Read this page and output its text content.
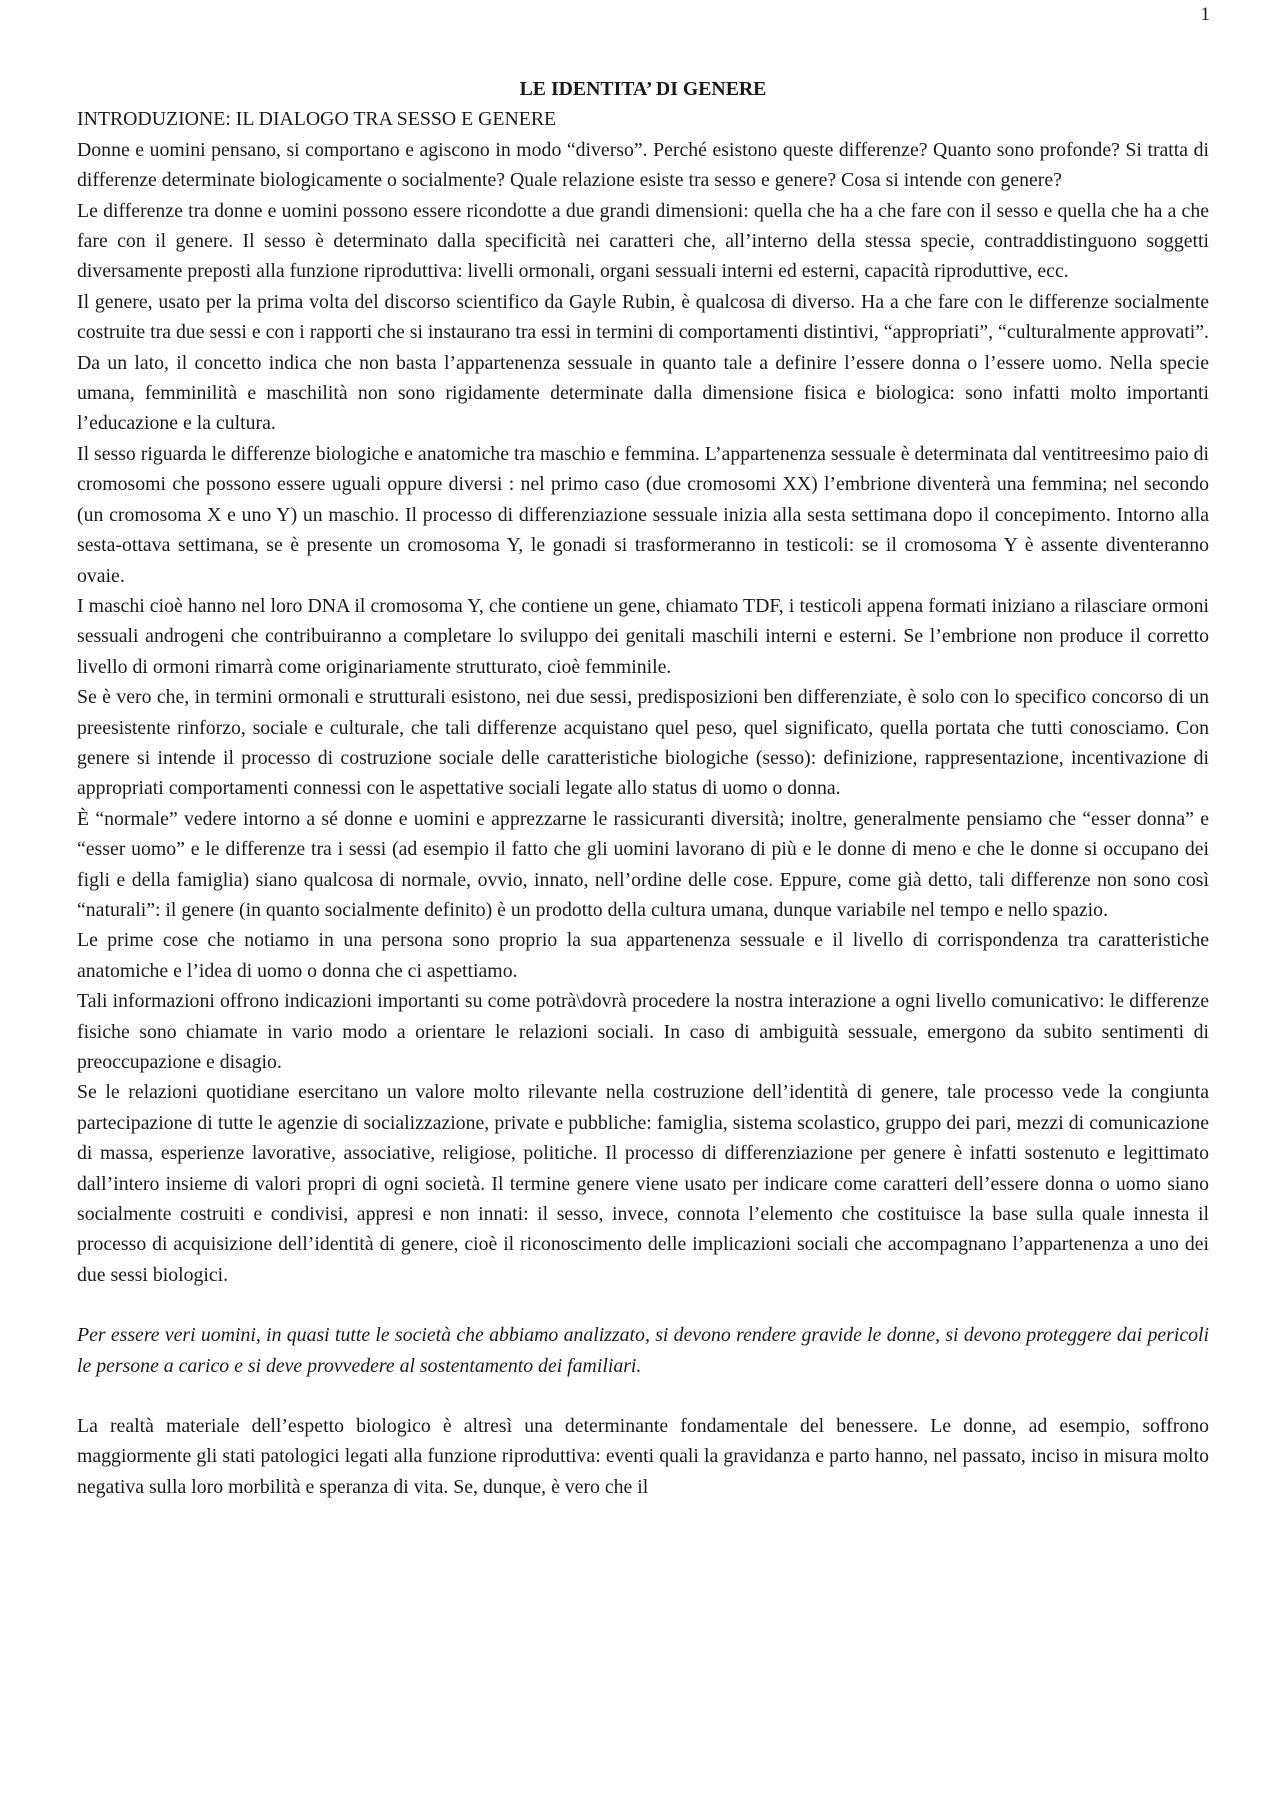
1

LE IDENTITA’ DI GENERE

INTRODUZIONE: IL DIALOGO TRA SESSO E GENERE

Donne e uomini pensano, si comportano e agiscono in modo “diverso”. Perché esistono queste differenze? Quanto sono profonde? Si tratta di differenze determinate biologicamente o socialmente? Quale relazione esiste tra sesso e genere? Cosa si intende con genere?

Le differenze tra donne e uomini possono essere ricondotte a due grandi dimensioni: quella che ha a che fare con il sesso e quella che ha a che fare con il genere. Il sesso è determinato dalla specificità nei caratteri che, all’interno della stessa specie, contraddistinguono soggetti diversamente preposti alla funzione riproduttiva: livelli ormonali, organi sessuali interni ed esterni, capacità riproduttive, ecc.

Il genere, usato per la prima volta del discorso scientifico da Gayle Rubin, è qualcosa di diverso. Ha a che fare con le differenze socialmente costruite tra due sessi e con i rapporti che si instaurano tra essi in termini di comportamenti distintivi, “appropriati”, “culturalmente approvati”. Da un lato, il concetto indica che non basta l’appartenenza sessuale in quanto tale a definire l’essere donna o l’essere uomo. Nella specie umana, femminilità e maschilità non sono rigidamente determinate dalla dimensione fisica e biologica: sono infatti molto importanti l’educazione e la cultura.

Il sesso riguarda le differenze biologiche e anatomiche tra maschio e femmina. L’appartenenza sessuale è determinata dal ventitreesimo paio di cromosomi che possono essere uguali oppure diversi : nel primo caso (due cromosomi XX) l’embrione diventerà una femmina; nel secondo (un cromosoma X e uno Y) un maschio. Il processo di differenziazione sessuale inizia alla sesta settimana dopo il concepimento. Intorno alla sesta-ottava settimana, se è presente un cromosoma Y, le gonadi si trasformeranno in testicoli: se il cromosoma Y è assente diventeranno ovaie.

I maschi cioè hanno nel loro DNA il cromosoma Y, che contiene un gene, chiamato TDF, i testicoli appena formati iniziano a rilasciare ormoni sessuali androgeni che contribuiranno a completare lo sviluppo dei genitali maschili interni e esterni. Se l’embrione non produce il corretto livello di ormoni rimarrà come originariamente strutturato, cioè femminile.

Se è vero che, in termini ormonali e strutturali esistono, nei due sessi, predisposizioni ben differenziate, è solo con lo specifico concorso di un preesistente rinforzo, sociale e culturale, che tali differenze acquistano quel peso, quel significato, quella portata che tutti conosciamo. Con genere si intende il processo di costruzione sociale delle caratteristiche biologiche (sesso): definizione, rappresentazione, incentivazione di appropriati comportamenti connessi con le aspettative sociali legate allo status di uomo o donna.

È “normale” vedere intorno a sé donne e uomini e apprezzarne le rassicuranti diversità; inoltre, generalmente pensiamo che “esser donna” e “esser uomo” e le differenze tra i sessi (ad esempio il fatto che gli uomini lavorano di più e le donne di meno e che le donne si occupano dei figli e della famiglia) siano qualcosa di normale, ovvio, innato, nell’ordine delle cose. Eppure, come già detto, tali differenze non sono così “naturali”: il genere (in quanto socialmente definito) è un prodotto della cultura umana, dunque variabile nel tempo e nello spazio.

Le prime cose che notiamo in una persona sono proprio la sua appartenenza sessuale e il livello di corrispondenza tra caratteristiche anatomiche e l’idea di uomo o donna che ci aspettiamo.

Tali informazioni offrono indicazioni importanti su come potrà\dovrà procedere la nostra interazione a ogni livello comunicativo: le differenze fisiche sono chiamate in vario modo a orientare le relazioni sociali. In caso di ambiguità sessuale, emergono da subito sentimenti di preoccupazione e disagio.

Se le relazioni quotidiane esercitano un valore molto rilevante nella costruzione dell’identità di genere, tale processo vede la congiunta partecipazione di tutte le agenzie di socializzazione, private e pubbliche: famiglia, sistema scolastico, gruppo dei pari, mezzi di comunicazione di massa, esperienze lavorative, associative, religiose, politiche. Il processo di differenziazione per genere è infatti sostenuto e legittimato dall’intero insieme di valori propri di ogni società. Il termine genere viene usato per indicare come caratteri dell’essere donna o uomo siano socialmente costruiti e condivisi, appresi e non innati: il sesso, invece, connota l’elemento che costituisce la base sulla quale innesta il processo di acquisizione dell’identità di genere, cioè il riconoscimento delle implicazioni sociali che accompagnano l’appartenenza a uno dei due sessi biologici.

Per essere veri uomini, in quasi tutte le società che abbiamo analizzato, si devono rendere gravide le donne, si devono proteggere dai pericoli le persone a carico e si deve provvedere al sostentamento dei familiari.

La realtà materiale dell’espetto biologico è altresì una determinante fondamentale del benessere. Le donne, ad esempio, soffrono maggiormente gli stati patologici legati alla funzione riproduttiva: eventi quali la gravidanza e parto hanno, nel passato, inciso in misura molto negativa sulla loro morbilità e speranza di vita. Se, dunque, è vero che il
